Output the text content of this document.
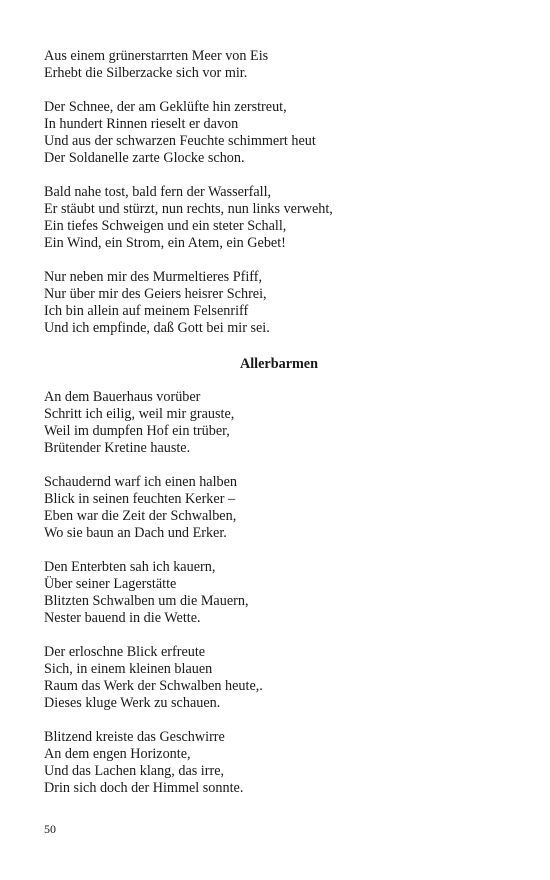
Aus einem grünerstarrten Meer von Eis
Erhebt die Silberzacke sich vor mir.
Der Schnee, der am Geklüfte hin zerstreut,
In hundert Rinnen rieselt er davon
Und aus der schwarzen Feuchte schimmert heut
Der Soldanelle zarte Glocke schon.
Bald nahe tost, bald fern der Wasserfall,
Er stäubt und stürzt, nun rechts, nun links verweht,
Ein tiefes Schweigen und ein steter Schall,
Ein Wind, ein Strom, ein Atem, ein Gebet!
Nur neben mir des Murmeltieres Pfiff,
Nur über mir des Geiers heisrer Schrei,
Ich bin allein auf meinem Felsenriff
Und ich empfinde, daß Gott bei mir sei.
Allerbarmen
An dem Bauerhaus vorüber
Schritt ich eilig, weil mir grauste,
Weil im dumpfen Hof ein trüber,
Brütender Kretine hauste.
Schaudernd warf ich einen halben
Blick in seinen feuchten Kerker –
Eben war die Zeit der Schwalben,
Wo sie baun an Dach und Erker.
Den Enterbten sah ich kauern,
Über seiner Lagerstätte
Blitzten Schwalben um die Mauern,
Nester bauend in die Wette.
Der erloschne Blick erfreute
Sich, in einem kleinen blauen
Raum das Werk der Schwalben heute,.
Dieses kluge Werk zu schauen.
Blitzend kreiste das Geschwirre
An dem engen Horizonte,
Und das Lachen klang, das irre,
Drin sich doch der Himmel sonnte.
50
